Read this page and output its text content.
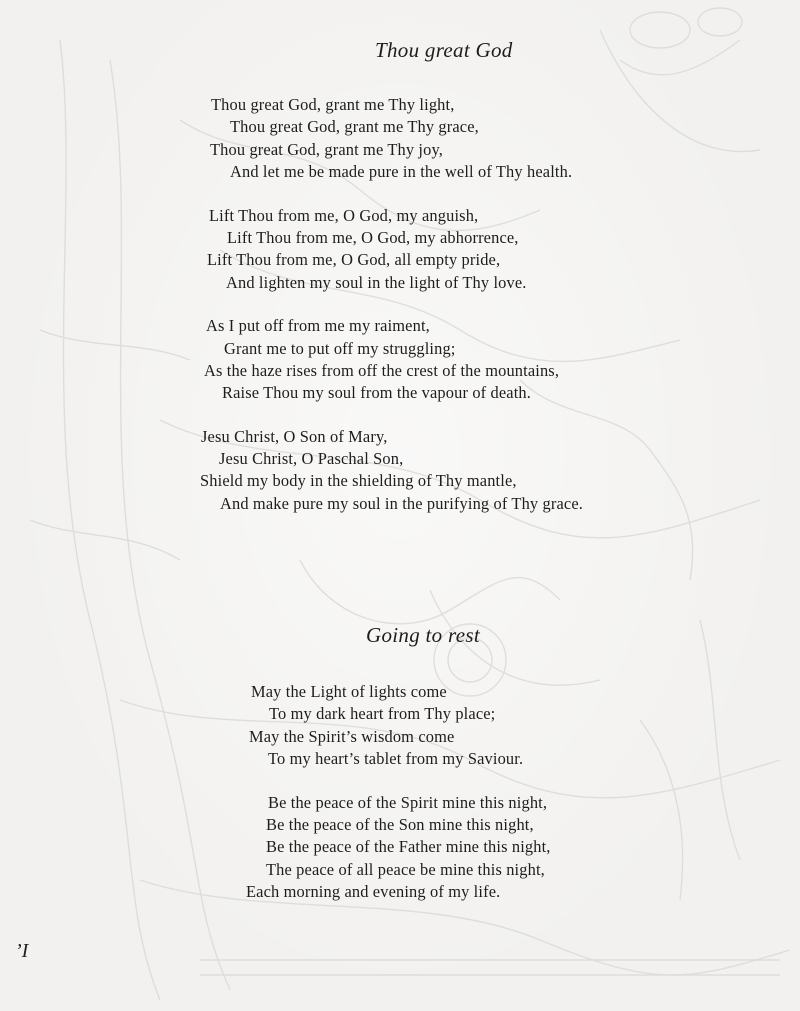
Thou great God
Thou great God, grant me Thy light,
Thou great God, grant me Thy grace,
Thou great God, grant me Thy joy,
And let me be made pure in the well of Thy health.
Lift Thou from me, O God, my anguish,
Lift Thou from me, O God, my abhorrence,
Lift Thou from me, O God, all empty pride,
And lighten my soul in the light of Thy love.
As I put off from me my raiment,
Grant me to put off my struggling;
As the haze rises from off the crest of the mountains,
Raise Thou my soul from the vapour of death.
Jesu Christ, O Son of Mary,
Jesu Christ, O Paschal Son,
Shield my body in the shielding of Thy mantle,
And make pure my soul in the purifying of Thy grace.
Going to rest
May the Light of lights come
To my dark heart from Thy place;
May the Spirit’s wisdom come
To my heart’s tablet from my Saviour.
Be the peace of the Spirit mine this night,
Be the peace of the Son mine this night,
Be the peace of the Father mine this night,
The peace of all peace be mine this night,
Each morning and evening of my life.
’I
